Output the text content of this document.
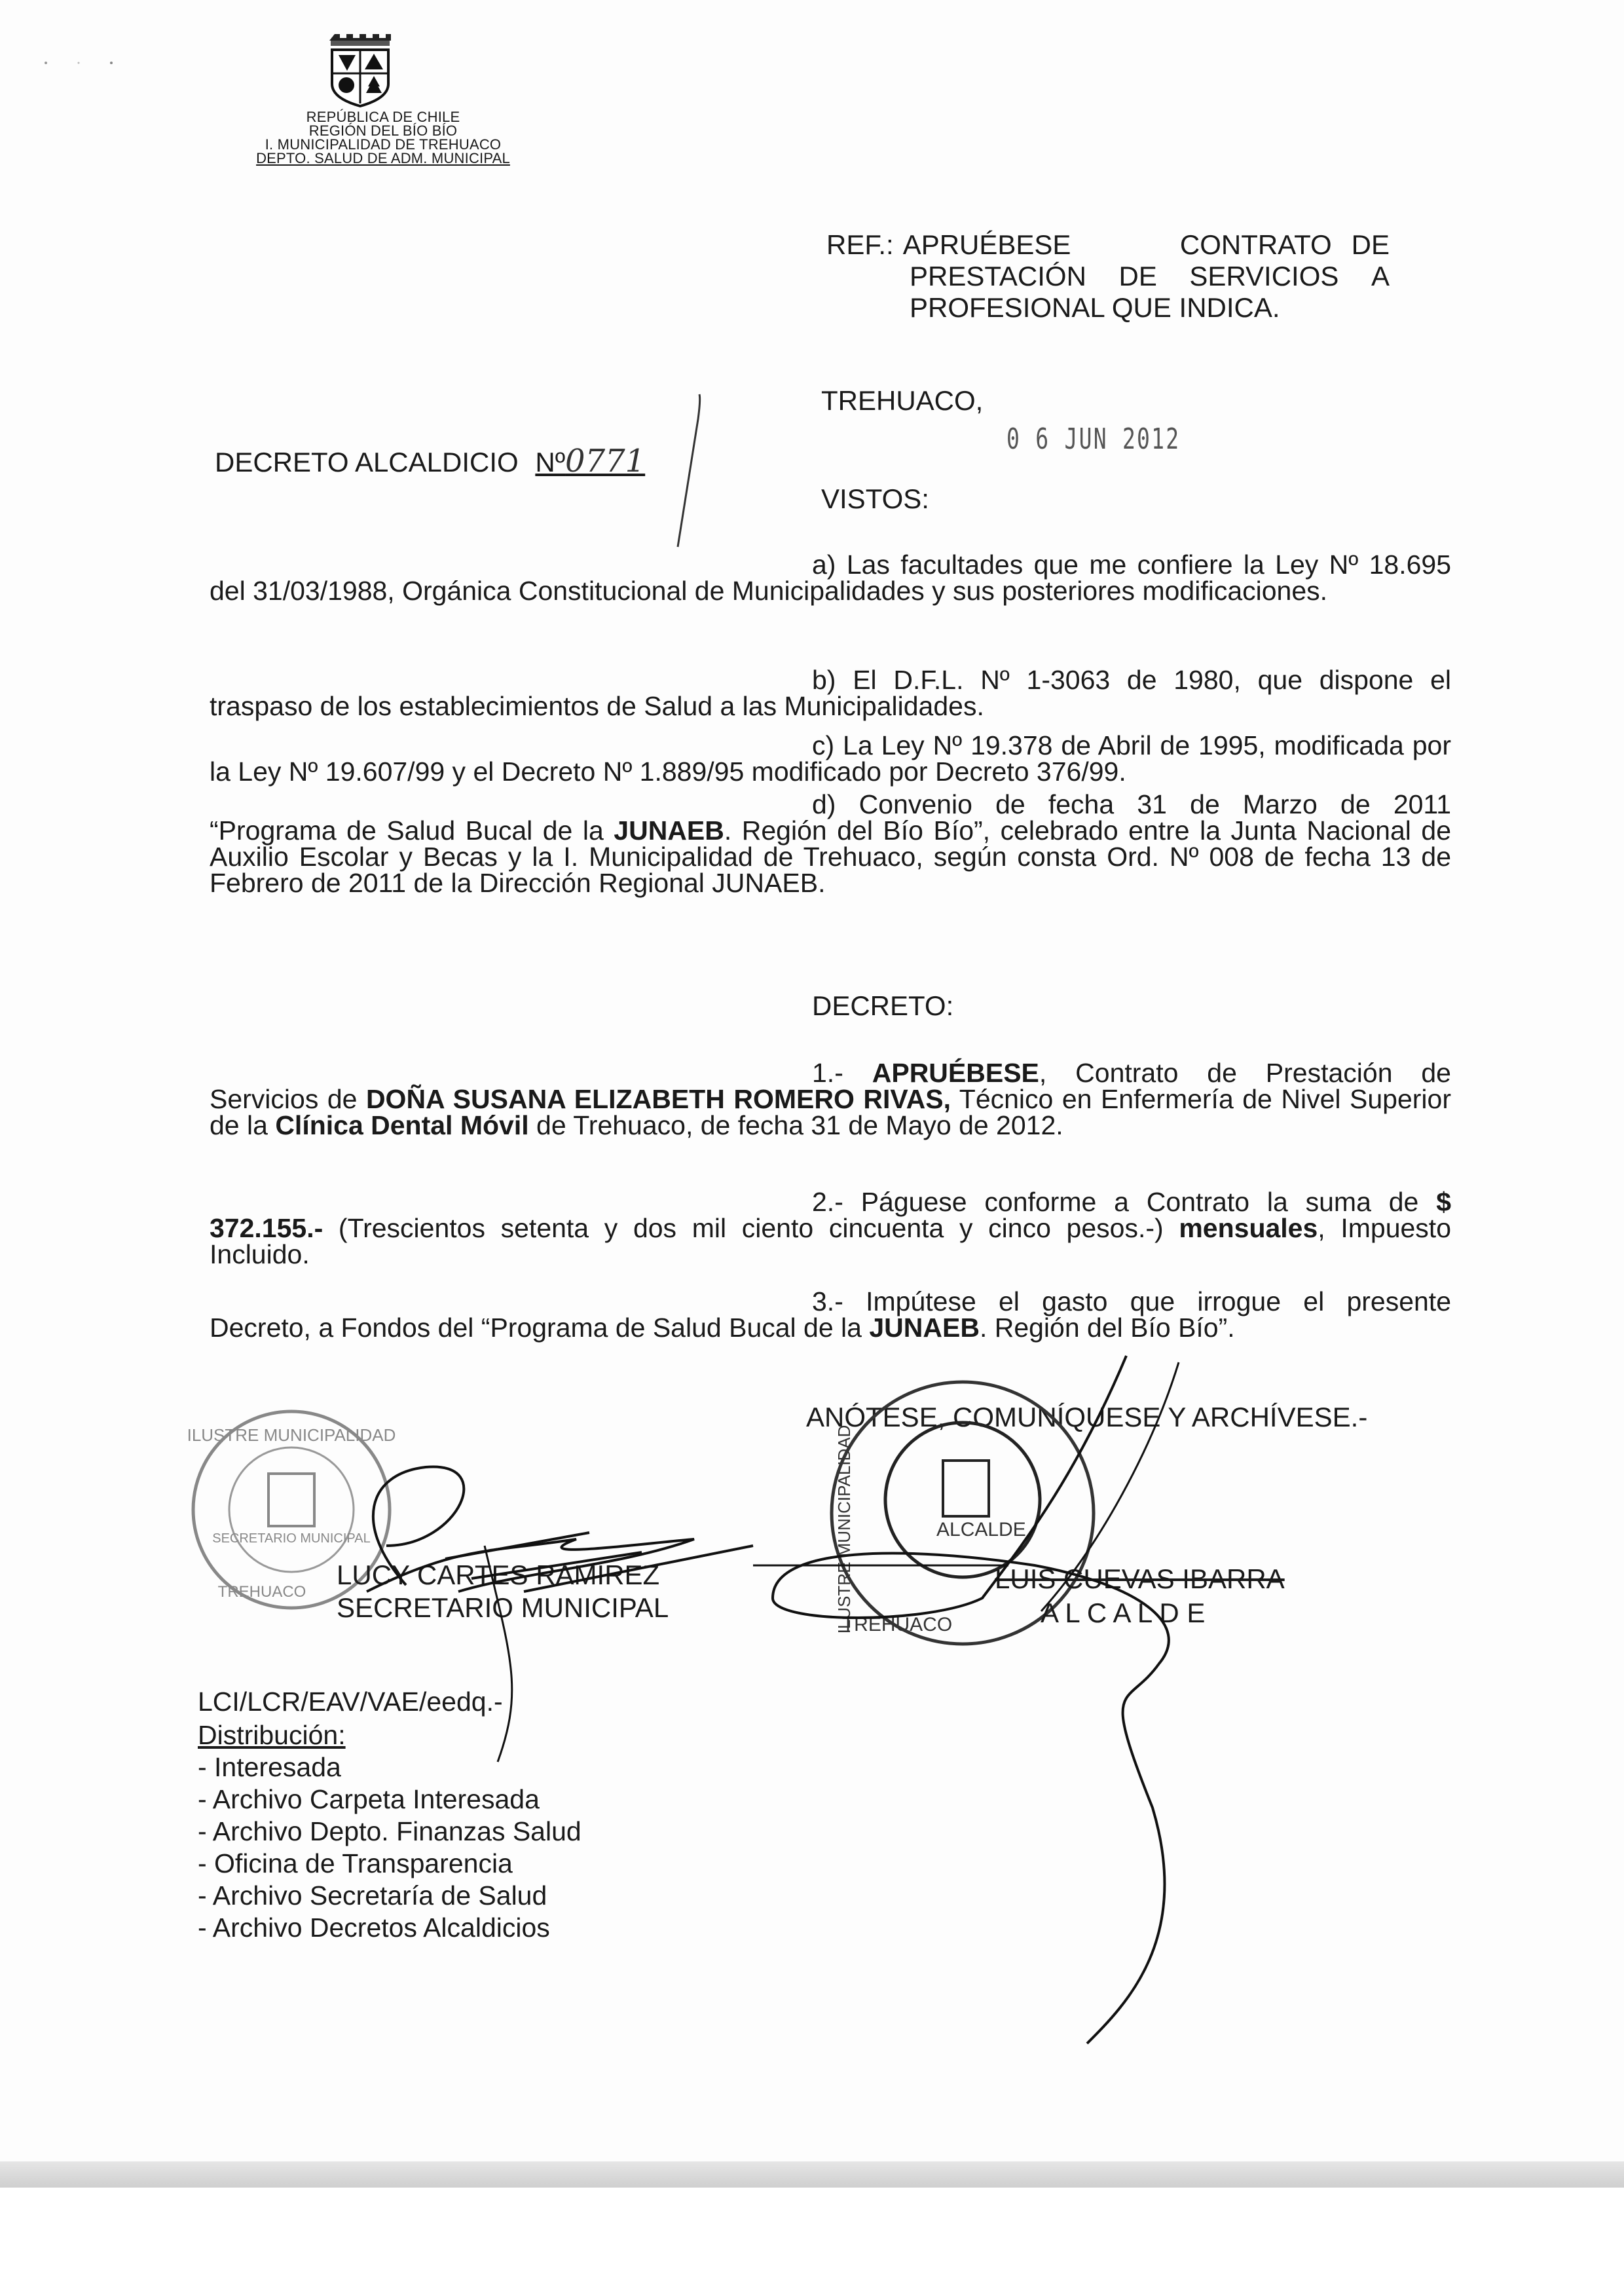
REPÚBLICA DE CHILE
REGIÓN DEL BÍO BÍO
I. MUNICIPALIDAD DE TREHUACO
DEPTO. SALUD DE ADM. MUNICIPAL
REF.: APRUÉBESE	CONTRATO DE
PRESTACIÓN DE SERVICIOS A
PROFESIONAL QUE INDICA.
TREHUACO,
0 6 JUN 2012
DECRETO ALCALDICIO Nº0771
VISTOS:
a) Las facultades que me confiere la Ley Nº 18.695 del 31/03/1988, Orgánica Constitucional de Municipalidades y sus posteriores modificaciones.
b) El D.F.L. Nº 1-3063 de 1980, que dispone el traspaso de los establecimientos de Salud a las Municipalidades.
c) La Ley Nº 19.378 de Abril de 1995, modificada por la Ley Nº 19.607/99 y el Decreto Nº 1.889/95 modificado por Decreto 376/99.
d) Convenio de fecha 31 de Marzo de 2011 “Programa de Salud Bucal de la JUNAEB. Región del Bío Bío”, celebrado entre la Junta Nacional de Auxilio Escolar y Becas y la I. Municipalidad de Trehuaco, según consta Ord. Nº 008 de fecha 13 de Febrero de 2011 de la Dirección Regional JUNAEB.
DECRETO:
1.- APRUÉBESE, Contrato de Prestación de Servicios de DOÑA SUSANA ELIZABETH ROMERO RIVAS, Técnico en Enfermería de Nivel Superior de la Clínica Dental Móvil de Trehuaco, de fecha 31 de Mayo de 2012.
2.- Páguese conforme a Contrato la suma de $ 372.155.- (Trescientos setenta y dos mil ciento cincuenta y cinco pesos.-) mensuales, Impuesto Incluido.
3.- Impútese el gasto que irrogue el presente Decreto, a Fondos del “Programa de Salud Bucal de la JUNAEB. Región del Bío Bío”.
ANÓTESE, COMUNÍQUESE Y ARCHÍVESE.-
ILUSTRE MUNICIPALIDAD
SECRETARIO MUNICIPAL
TREHUACO	ILUSTRE MUNICIPALIDAD	ALCALDE
TREHUACO
LUCY CARTES RAMIREZ
SECRETARIO MUNICIPAL
LUIS CUEVAS IBARRA
A L C A L D E
LCI/LCR/EAV/VAE/eedq.-
Distribución:
- Interesada
- Archivo Carpeta Interesada
- Archivo Depto. Finanzas Salud
- Oficina de Transparencia
- Archivo Secretaría de Salud
- Archivo Decretos Alcaldicios
